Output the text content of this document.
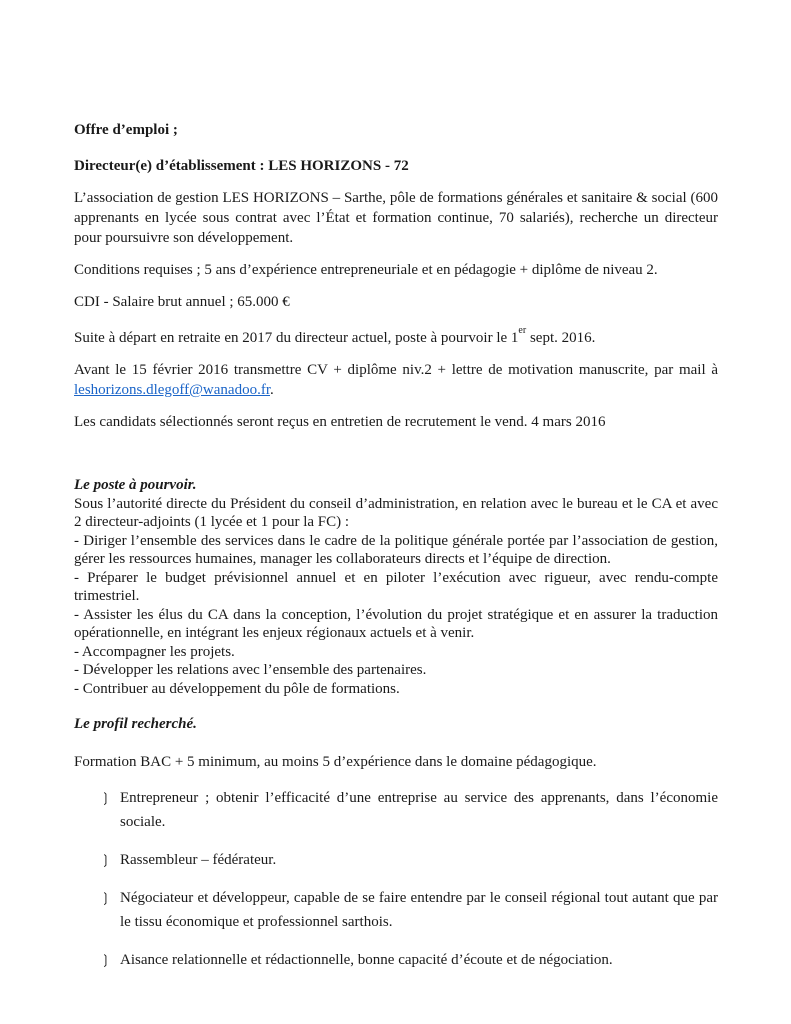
Offre d’emploi ;

Directeur(e) d’établissement : LES HORIZONS - 72

L’association de gestion LES HORIZONS – Sarthe, pôle de formations générales et sanitaire & social (600 apprenants en lycée sous contrat avec l’État et formation continue, 70 salariés), recherche un directeur pour poursuivre son développement.

Conditions requises ; 5 ans d’expérience entrepreneuriale et en pédagogie + diplôme de niveau 2.

CDI - Salaire brut annuel ; 65.000 €

Suite à départ en retraite en 2017 du directeur actuel, poste à pourvoir le 1er sept. 2016.

Avant le 15 février 2016 transmettre CV + diplôme niv.2 + lettre de motivation manuscrite, par mail à leshorizons.dlegoff@wanadoo.fr.

Les candidats sélectionnés seront reçus en entretien de recrutement le vend. 4 mars 2016

Le poste à pourvoir.

Sous l’autorité directe du Président du conseil d’administration, en relation avec le bureau et le CA et avec 2 directeur-adjoints (1 lycée et 1 pour la FC) :

- Diriger l’ensemble des services dans le cadre de la politique générale portée par l’association de gestion, gérer les ressources humaines, manager les collaborateurs directs et l’équipe de direction.

- Préparer le budget prévisionnel annuel et en piloter l’exécution avec rigueur, avec rendu-compte trimestriel.

- Assister les élus du CA dans la conception, l’évolution du projet stratégique et en assurer la traduction opérationnelle, en intégrant les enjeux régionaux actuels et à venir.

- Accompagner les projets.

- Développer les relations avec l’ensemble des partenaires.

- Contribuer au développement du pôle de formations.

Le profil recherché.

Formation BAC + 5 minimum, au moins 5 d’expérience dans le domaine pédagogique.

❳ Entrepreneur ; obtenir l’efficacité d’une entreprise au service des apprenants, dans l’économie sociale.
❳ Rassembleur – fédérateur.
❳ Négociateur et développeur, capable de se faire entendre par le conseil régional tout autant que par le tissu économique et professionnel sarthois.
❳ Aisance relationnelle et rédactionnelle, bonne capacité d’écoute et de négociation.
